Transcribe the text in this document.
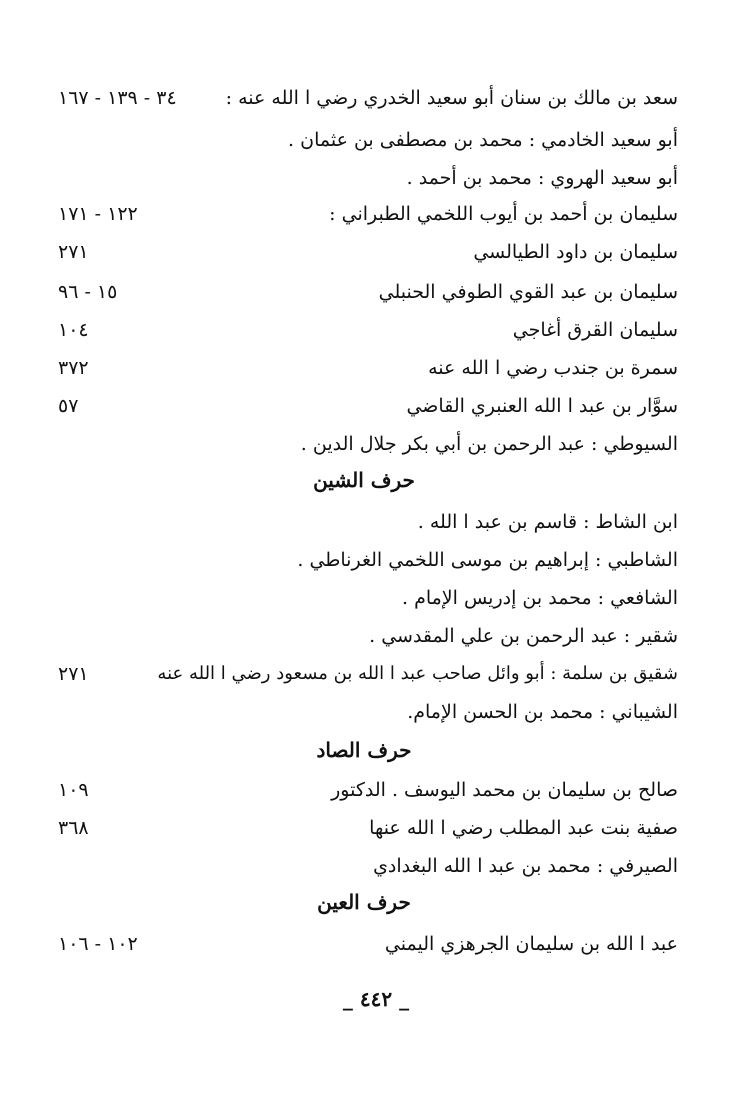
سعد بن مالك بن سنان أبو سعيد الخدري رضي ا الله عنه :
٣٤ - ١٣٩ - ١٦٧
أبو سعيد الخادمي : محمد بن مصطفى بن عثمان .
أبو سعيد الهروي : محمد بن أحمد .
سليمان بن أحمد بن أيوب اللخمي الطبراني :
١٢٢ - ١٧١
سليمان بن داود الطيالسي
٢٧١
سليمان بن عبد القوي الطوفي الحنبلي
١٥ - ٩٦
سليمان القرق أغاجي
١٠٤
سمرة بن جندب رضي ا الله عنه
٣٧٢
سوَّار بن عبد ا الله العنبري القاضي
٥٧
السيوطي : عبد الرحمن بن أبي بكر جلال الدين .
حرف الشين
ابن الشاط : قاسم بن عبد ا الله .
الشاطبي : إبراهيم بن موسى اللخمي الغرناطي .
الشافعي : محمد بن إدريس الإمام .
شقير : عبد الرحمن بن علي المقدسي .
شقيق بن سلمة : أبو وائل صاحب عبد ا الله بن مسعود رضي ا الله عنه
٢٧١
الشيباني : محمد بن الحسن الإمام.
حرف الصاد
صالح بن سليمان بن محمد اليوسف . الدكتور
١٠٩
صفية بنت عبد المطلب رضي ا الله عنها
٣٦٨
الصيرفي : محمد بن عبد ا الله البغدادي
حرف العين
عبد ا الله بن سليمان الجرهزي اليمني
١٠٢ - ١٠٦
_ ٤٤٢ _
